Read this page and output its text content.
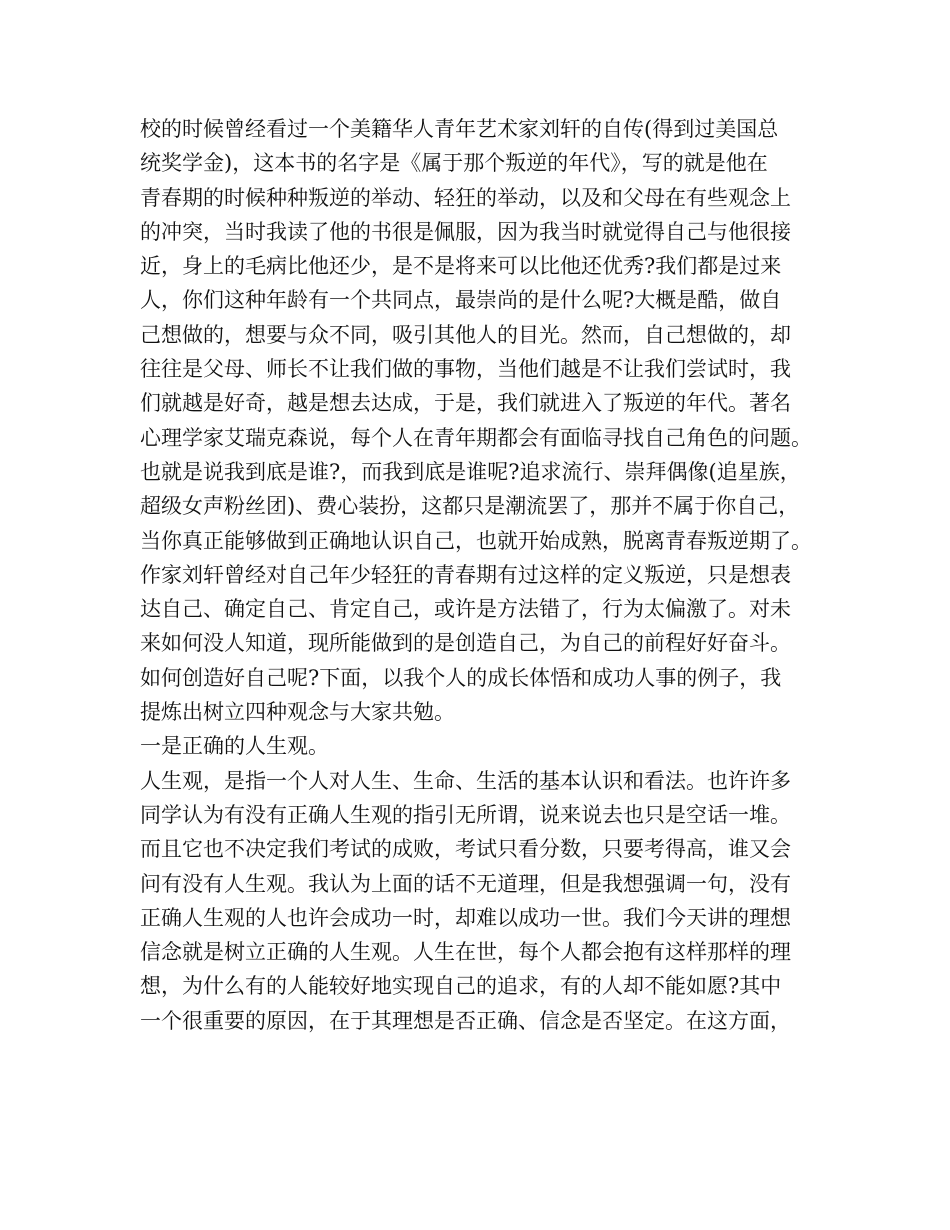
校的时候曾经看过一个美籍华人青年艺术家刘轩的自传(得到过美国总
统奖学金)，这本书的名字是《属于那个叛逆的年代》，写的就是他在
青春期的时候种种叛逆的举动、轻狂的举动，以及和父母在有些观念上
的冲突，当时我读了他的书很是佩服，因为我当时就觉得自己与他很接
近，身上的毛病比他还少，是不是将来可以比他还优秀?我们都是过来
人，你们这种年龄有一个共同点，最崇尚的是什么呢?大概是酷，做自
己想做的，想要与众不同，吸引其他人的目光。然而，自己想做的，却
往往是父母、师长不让我们做的事物，当他们越是不让我们尝试时，我
们就越是好奇，越是想去达成，于是，我们就进入了叛逆的年代。著名
心理学家艾瑞克森说，每个人在青年期都会有面临寻找自己角色的问题。
也就是说我到底是谁?，而我到底是谁呢?追求流行、崇拜偶像(追星族，
超级女声粉丝团)、费心装扮，这都只是潮流罢了，那并不属于你自己，
当你真正能够做到正确地认识自己，也就开始成熟，脱离青春叛逆期了。
作家刘轩曾经对自己年少轻狂的青春期有过这样的定义叛逆，只是想表
达自己、确定自己、肯定自己，或许是方法错了，行为太偏激了。对未
来如何没人知道，现所能做到的是创造自己，为自己的前程好好奋斗。
如何创造好自己呢?下面，以我个人的成长体悟和成功人事的例子，我
提炼出树立四种观念与大家共勉。
一是正确的人生观。
人生观，是指一个人对人生、生命、生活的基本认识和看法。也许许多
同学认为有没有正确人生观的指引无所谓，说来说去也只是空话一堆。
而且它也不决定我们考试的成败，考试只看分数，只要考得高，谁又会
问有没有人生观。我认为上面的话不无道理，但是我想强调一句，没有
正确人生观的人也许会成功一时，却难以成功一世。我们今天讲的理想
信念就是树立正确的人生观。人生在世，每个人都会抱有这样那样的理
想，为什么有的人能较好地实现自己的追求，有的人却不能如愿?其中
一个很重要的原因，在于其理想是否正确、信念是否坚定。在这方面，
